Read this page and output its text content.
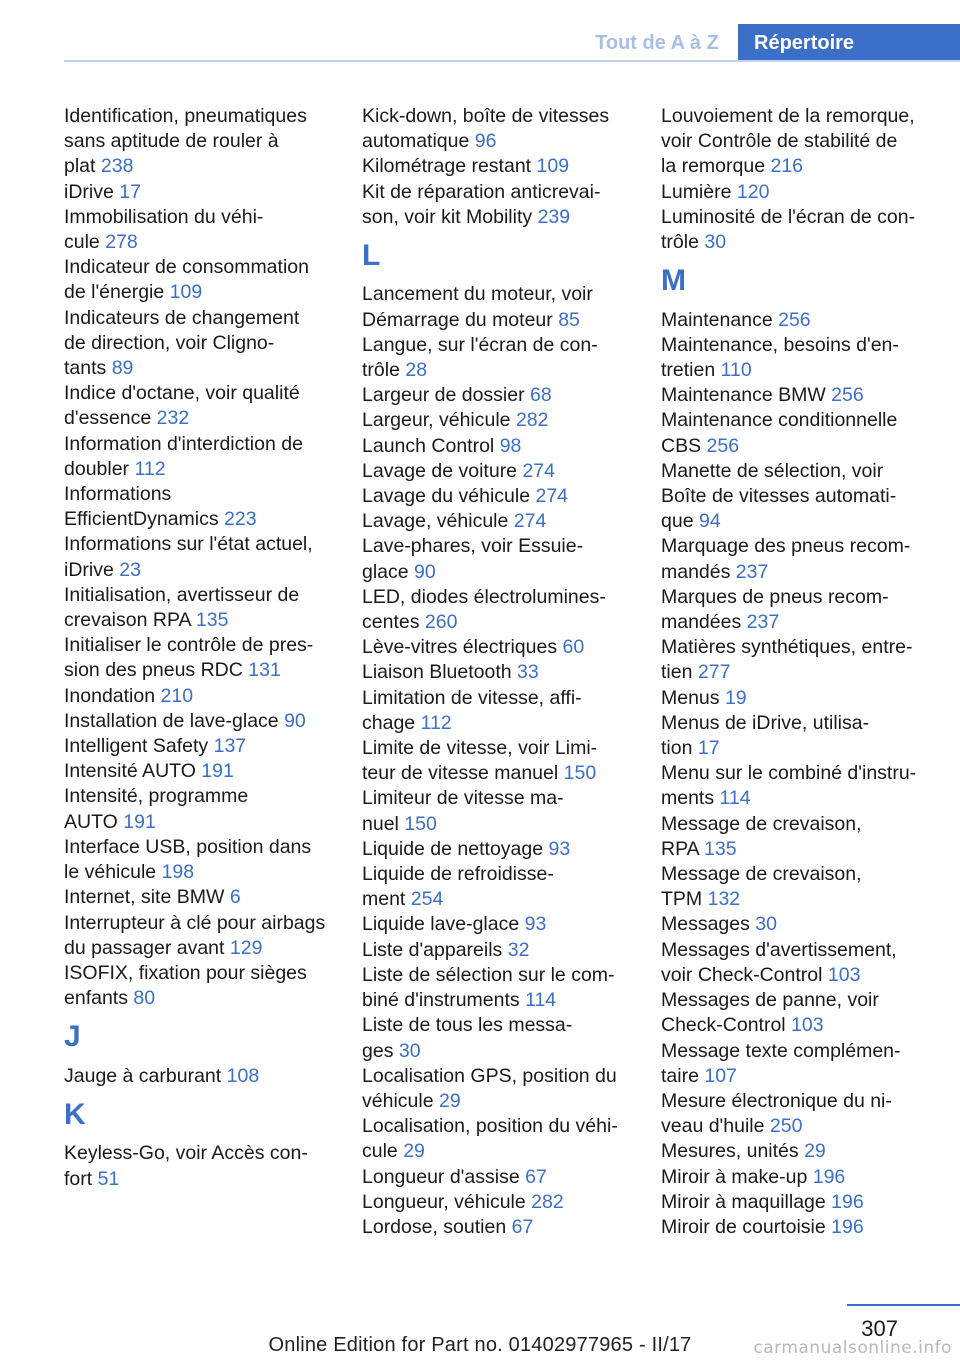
Tout de A à Z	Répertoire
Identification, pneumatiques
sans aptitude de rouler à
plat 238
iDrive 17
Immobilisation du véhi-
cule 278
Indicateur de consommation
de l'énergie 109
Indicateurs de changement
de direction, voir Cligno-
tants 89
Indice d'octane, voir qualité
d'essence 232
Information d'interdiction de
doubler 112
Informations
EfficientDynamics 223
Informations sur l'état actuel,
iDrive 23
Initialisation, avertisseur de
crevaison RPA 135
Initialiser le contrôle de pres-
sion des pneus RDC 131
Inondation 210
Installation de lave-glace 90
Intelligent Safety 137
Intensité AUTO 191
Intensité, programme
AUTO 191
Interface USB, position dans
le véhicule 198
Internet, site BMW 6
Interrupteur à clé pour airbags
du passager avant 129
ISOFIX, fixation pour sièges
enfants 80
J
Jauge à carburant 108
K
Keyless-Go, voir Accès con-
fort 51
Kick-down, boîte de vitesses
automatique 96
Kilométrage restant 109
Kit de réparation anticrevai-
son, voir kit Mobility 239
L
Lancement du moteur, voir
Démarrage du moteur 85
Langue, sur l'écran de con-
trôle 28
Largeur de dossier 68
Largeur, véhicule 282
Launch Control 98
Lavage de voiture 274
Lavage du véhicule 274
Lavage, véhicule 274
Lave-phares, voir Essuie-
glace 90
LED, diodes électrolumines-
centes 260
Lève-vitres électriques 60
Liaison Bluetooth 33
Limitation de vitesse, affi-
chage 112
Limite de vitesse, voir Limi-
teur de vitesse manuel 150
Limiteur de vitesse ma-
nuel 150
Liquide de nettoyage 93
Liquide de refroidisse-
ment 254
Liquide lave-glace 93
Liste d'appareils 32
Liste de sélection sur le com-
biné d'instruments 114
Liste de tous les messa-
ges 30
Localisation GPS, position du
véhicule 29
Localisation, position du véhi-
cule 29
Longueur d'assise 67
Longueur, véhicule 282
Lordose, soutien 67
Louvoiement de la remorque,
voir Contrôle de stabilité de
la remorque 216
Lumière 120
Luminosité de l'écran de con-
trôle 30
M
Maintenance 256
Maintenance, besoins d'en-
tretien 110
Maintenance BMW 256
Maintenance conditionnelle
CBS 256
Manette de sélection, voir
Boîte de vitesses automati-
que 94
Marquage des pneus recom-
mandés 237
Marques de pneus recom-
mandées 237
Matières synthétiques, entre-
tien 277
Menus 19
Menus de iDrive, utilisa-
tion 17
Menu sur le combiné d'instru-
ments 114
Message de crevaison,
RPA 135
Message de crevaison,
TPM 132
Messages 30
Messages d'avertissement,
voir Check-Control 103
Messages de panne, voir
Check-Control 103
Message texte complémen-
taire 107
Mesure électronique du ni-
veau d'huile 250
Mesures, unités 29
Miroir à make-up 196
Miroir à maquillage 196
Miroir de courtoisie 196
307
Online Edition for Part no. 01402977965 - II/17	carmanualsonline.info
